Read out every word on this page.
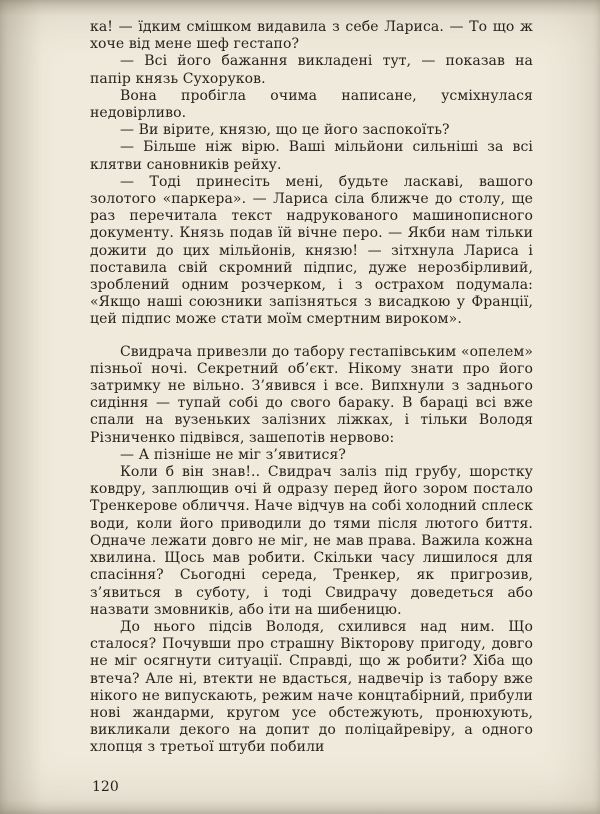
ка! — їдким смішком видавила з себе Лариса. — То що ж хоче від мене шеф гестапо?

— Всі його бажання викладені тут, — показав на папір князь Сухоруков.

Вона пробігла очима написане, усміхнулася недовірливо.

— Ви вірите, князю, що це його заспокоїть?

— Більше ніж вірю. Ваші мільйони сильніші за всі клятви сановників рейху.

— Тоді принесіть мені, будьте ласкаві, вашого золотого «паркера». — Лариса сіла ближче до столу, ще раз перечитала текст надрукованого машинописного документу. Князь подав їй вічне перо. — Якби нам тільки дожити до цих мільйонів, князю! — зітхнула Лариса і поставила свій скромний підпис, дуже нерозбірливий, зроблений одним розчерком, і з острахом подумала: «Якщо наші союзники запізняться з висадкою у Франції, цей підпис може стати моїм смертним вироком».

Свидрача привезли до табору гестапівським «опелем» пізньої ночі. Секретний об’єкт. Нікому знати про його затримку не вільно. З’явився і все. Випхнули з заднього сидіння — тупай собі до свого бараку. В бараці всі вже спали на вузеньких залізних ліжках, і тільки Володя Різниченко підвівся, зашепотів нервово:

— А пізніше не міг з’явитися?

Коли б він знав!.. Свидрач заліз під грубу, шорстку ковдру, заплющив очі й одразу перед його зором постало Тренкерове обличчя. Наче відчув на собі холодний сплеск води, коли його приводили до тями після лютого биття. Одначе лежати довго не міг, не мав права. Важила кожна хвилина. Щось мав робити. Скільки часу лишилося для спасіння? Сьогодні середа, Тренкер, як пригрозив, з’явиться в суботу, і тоді Свидрачу доведеться або назвати змовників, або іти на шибеницю.

До нього підсів Володя, схилився над ним. Що сталося? Почувши про страшну Вікторову пригоду, довго не міг осягнути ситуації. Справді, що ж робити? Хіба що втеча? Але ні, втекти не вдасться, надвечір із табору вже нікого не випускають, режим наче концтабірний, прибули нові жандарми, кругом усе обстежують, пронюхують, викликали декого на допит до поліцайревіру, а одного хлопця з третьої штуби побили

120
